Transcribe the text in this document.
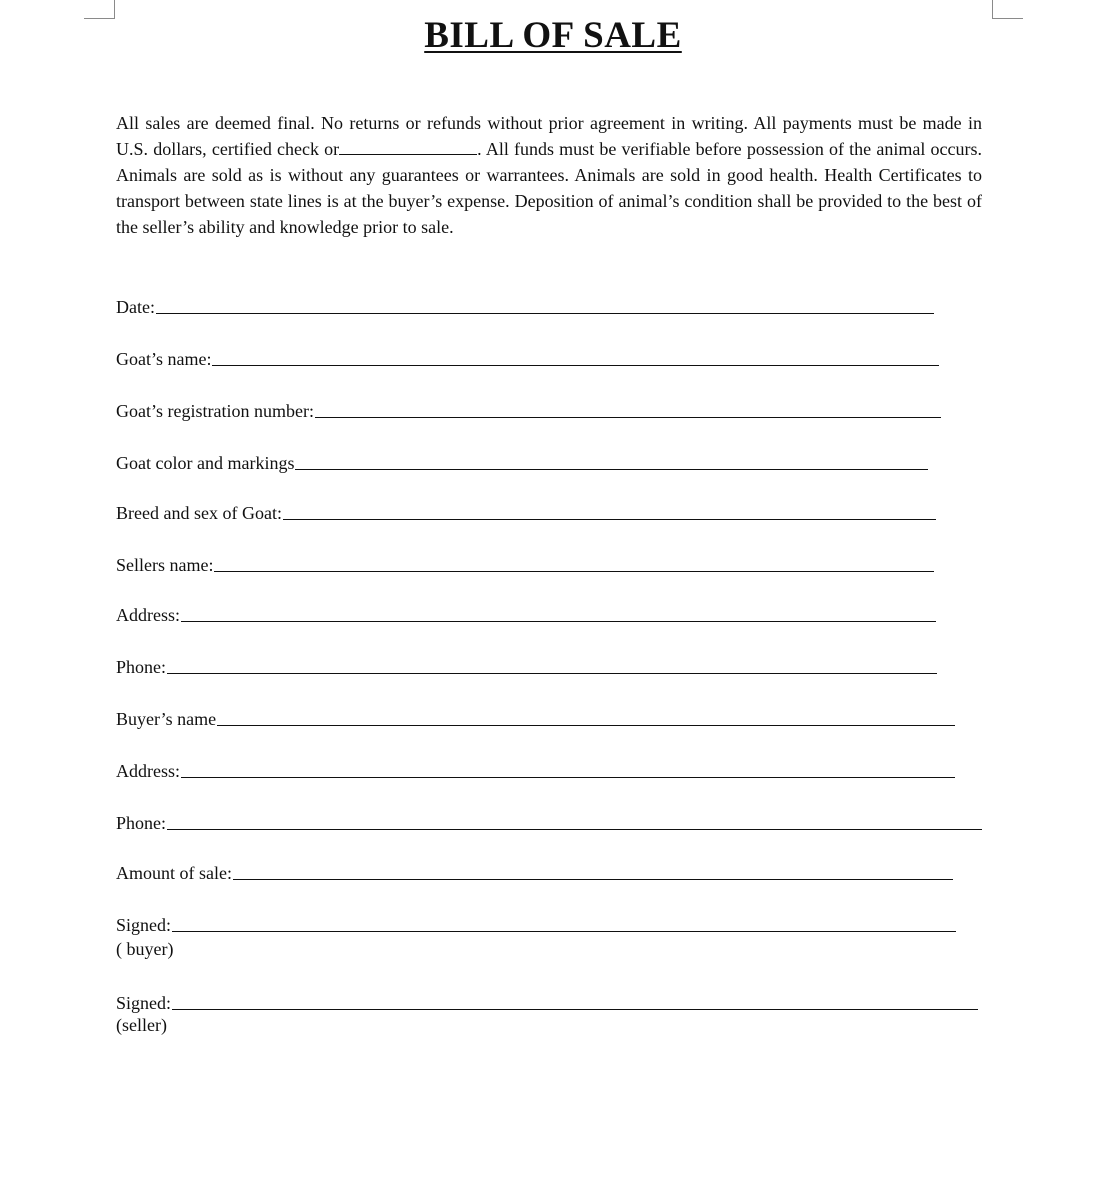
BILL OF SALE
All sales are deemed final. No returns or refunds without prior agreement in writing. All payments must be made in U.S. dollars, certified check or	. All funds must be verifiable before possession of the animal occurs. Animals are sold as is without any guarantees or warrantees. Animals are sold in good health. Health Certificates to transport between state lines is at the buyer’s expense. Deposition of animal’s condition shall be provided to the best of the seller’s ability and knowledge prior to sale.
Date:
Goat’s name:
Goat’s registration number:
Goat color and markings
Breed and sex of Goat:
Sellers name:
Address:
Phone:
Buyer’s name
Address:
Phone:
Amount of sale:
Signed:
( buyer)
Signed:
(seller)
